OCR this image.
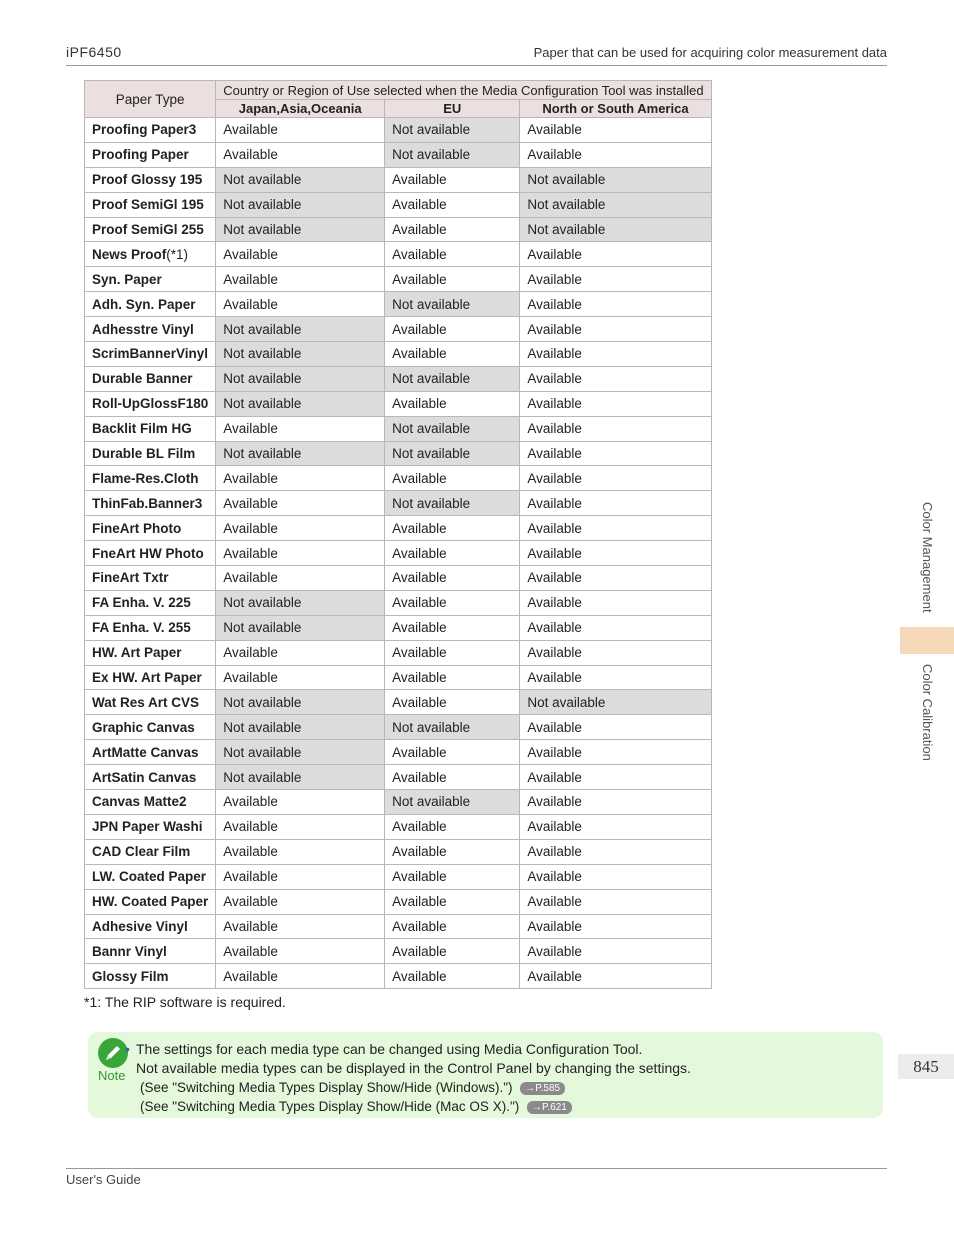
iPF6450	Paper that can be used for acquiring color measurement data
Paper Type	Country or Region of Use selected when the Media Configuration Tool was installed		
	Japan,Asia,Oceania	EU	North or South America
Proofing Paper3	Available	Not available	Available
Proofing Paper	Available	Not available	Available
Proof Glossy 195	Not available	Available	Not available
Proof SemiGl 195	Not available	Available	Not available
Proof SemiGl 255	Not available	Available	Not available
News Proof(*1)	Available	Available	Available
Syn. Paper	Available	Available	Available
Adh. Syn. Paper	Available	Not available	Available
Adhesstre Vinyl	Not available	Available	Available
ScrimBannerVinyl	Not available	Available	Available
Durable Banner	Not available	Not available	Available
Roll-UpGlossF180	Not available	Available	Available
Backlit Film HG	Available	Not available	Available
Durable BL Film	Not available	Not available	Available
Flame-Res.Cloth	Available	Available	Available
ThinFab.Banner3	Available	Not available	Available
FineArt Photo	Available	Available	Available
FneArt HW Photo	Available	Available	Available
FineArt Txtr	Available	Available	Available
FA Enha. V. 225	Not available	Available	Available
FA Enha. V. 255	Not available	Available	Available
HW. Art Paper	Available	Available	Available
Ex HW. Art Paper	Available	Available	Available
Wat Res Art CVS	Not available	Available	Not available
Graphic Canvas	Not available	Not available	Available
ArtMatte Canvas	Not available	Available	Available
ArtSatin Canvas	Not available	Available	Available
Canvas Matte2	Available	Not available	Available
JPN Paper Washi	Available	Available	Available
CAD Clear Film	Available	Available	Available
LW. Coated Paper	Available	Available	Available
HW. Coated Paper	Available	Available	Available
Adhesive Vinyl	Available	Available	Available
Bannr Vinyl	Available	Available	Available
Glossy Film	Available	Available	Available
*1: The RIP software is required.
Note
• The settings for each media type can be changed using Media Configuration Tool.
Not available media types can be displayed in the Control Panel by changing the settings.
(See "Switching Media Types Display Show/Hide (Windows).") →P.585
(See "Switching Media Types Display Show/Hide (Mac OS X).") →P.621
Color Management
Color Calibration
845
User's Guide
